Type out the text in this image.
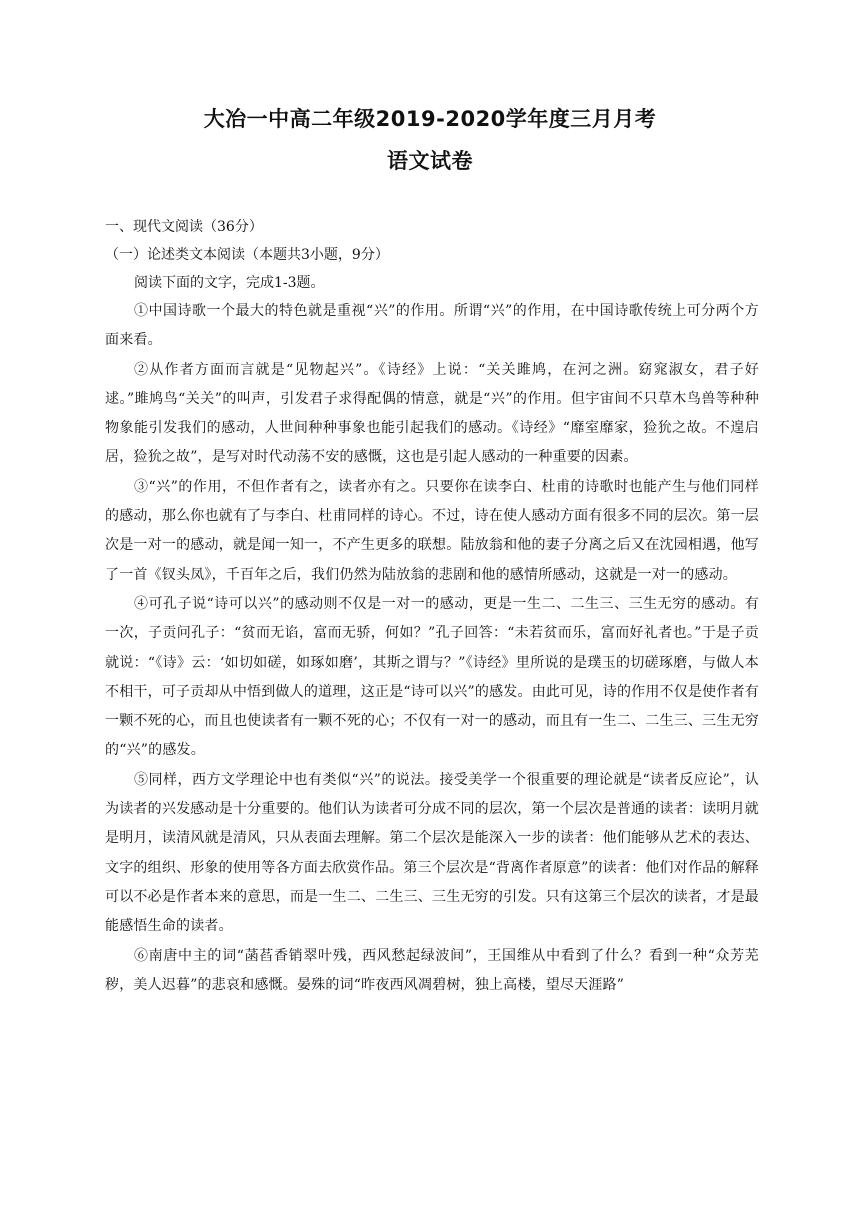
大冶一中高二年级2019-2020学年度三月月考
语文试卷
一、现代文阅读（36分）
（一）论述类文本阅读（本题共3小题，9分）
阅读下面的文字，完成1-3题。

①中国诗歌一个最大的特色就是重视“兴”的作用。所谓“兴”的作用，在中国诗歌传统上可分两个方面来看。

②从作者方面而言就是“见物起兴”。《诗经》上说：“关关雎鸠，在河之洲。窈窕淑女，君子好逑。”雎鸠鸟“关关”的叫声，引发君子求得配偶的情意，就是“兴”的作用。但宇宙间不只草木鸟兽等种种物象能引发我们的感动，人世间种种事象也能引起我们的感动。《诗经》“靡室靡家，猃狁之故。不遑启居，猃狁之故”，是写对时代动荡不安的感慨，这也是引起人感动的一种重要的因素。

③“兴”的作用，不但作者有之，读者亦有之。只要你在读李白、杜甫的诗歌时也能产生与他们同样的感动，那么你也就有了与李白、杜甫同样的诗心。不过，诗在使人感动方面有很多不同的层次。第一层次是一对一的感动，就是闻一知一，不产生更多的联想。陆放翁和他的妻子分离之后又在沈园相遇，他写了一首《钗头凤》，千百年之后，我们仍然为陆放翁的悲剧和他的感情所感动，这就是一对一的感动。

④可孔子说“诗可以兴”的感动则不仅是一对一的感动，更是一生二、二生三、三生无穷的感动。有一次，子贡问孔子：“贫而无谄，富而无骄，何如？”孔子回答：“未若贫而乐，富而好礼者也。”于是子贡就说：“《诗》云：‘如切如磋，如琢如磨’，其斯之谓与？”《诗经》里所说的是璞玉的切磋琢磨，与做人本不相干，可子贡却从中悟到做人的道理，这正是“诗可以兴”的感发。由此可见，诗的作用不仅是使作者有一颗不死的心，而且也使读者有一颗不死的心；不仅有一对一的感动，而且有一生二、二生三、三生无穷的“兴”的感发。

⑤同样，西方文学理论中也有类似“兴”的说法。接受美学一个很重要的理论就是“读者反应论”，认为读者的兴发感动是十分重要的。他们认为读者可分成不同的层次，第一个层次是普通的读者：读明月就是明月，读清风就是清风，只从表面去理解。第二个层次是能深入一步的读者：他们能够从艺术的表达、文字的组织、形象的使用等各方面去欣赏作品。第三个层次是“背离作者原意”的读者：他们对作品的解释可以不必是作者本来的意思，而是一生二、二生三、三生无穷的引发。只有这第三个层次的读者，才是最能感悟生命的读者。

⑥南唐中主的词“菡萏香销翠叶残，西风愁起绿波间”，王国维从中看到了什么？看到一种“众芳芜秽，美人迟暮”的悲哀和感慨。晏殊的词“昨夜西风凋碧树，独上高楼，望尽天涯路”
